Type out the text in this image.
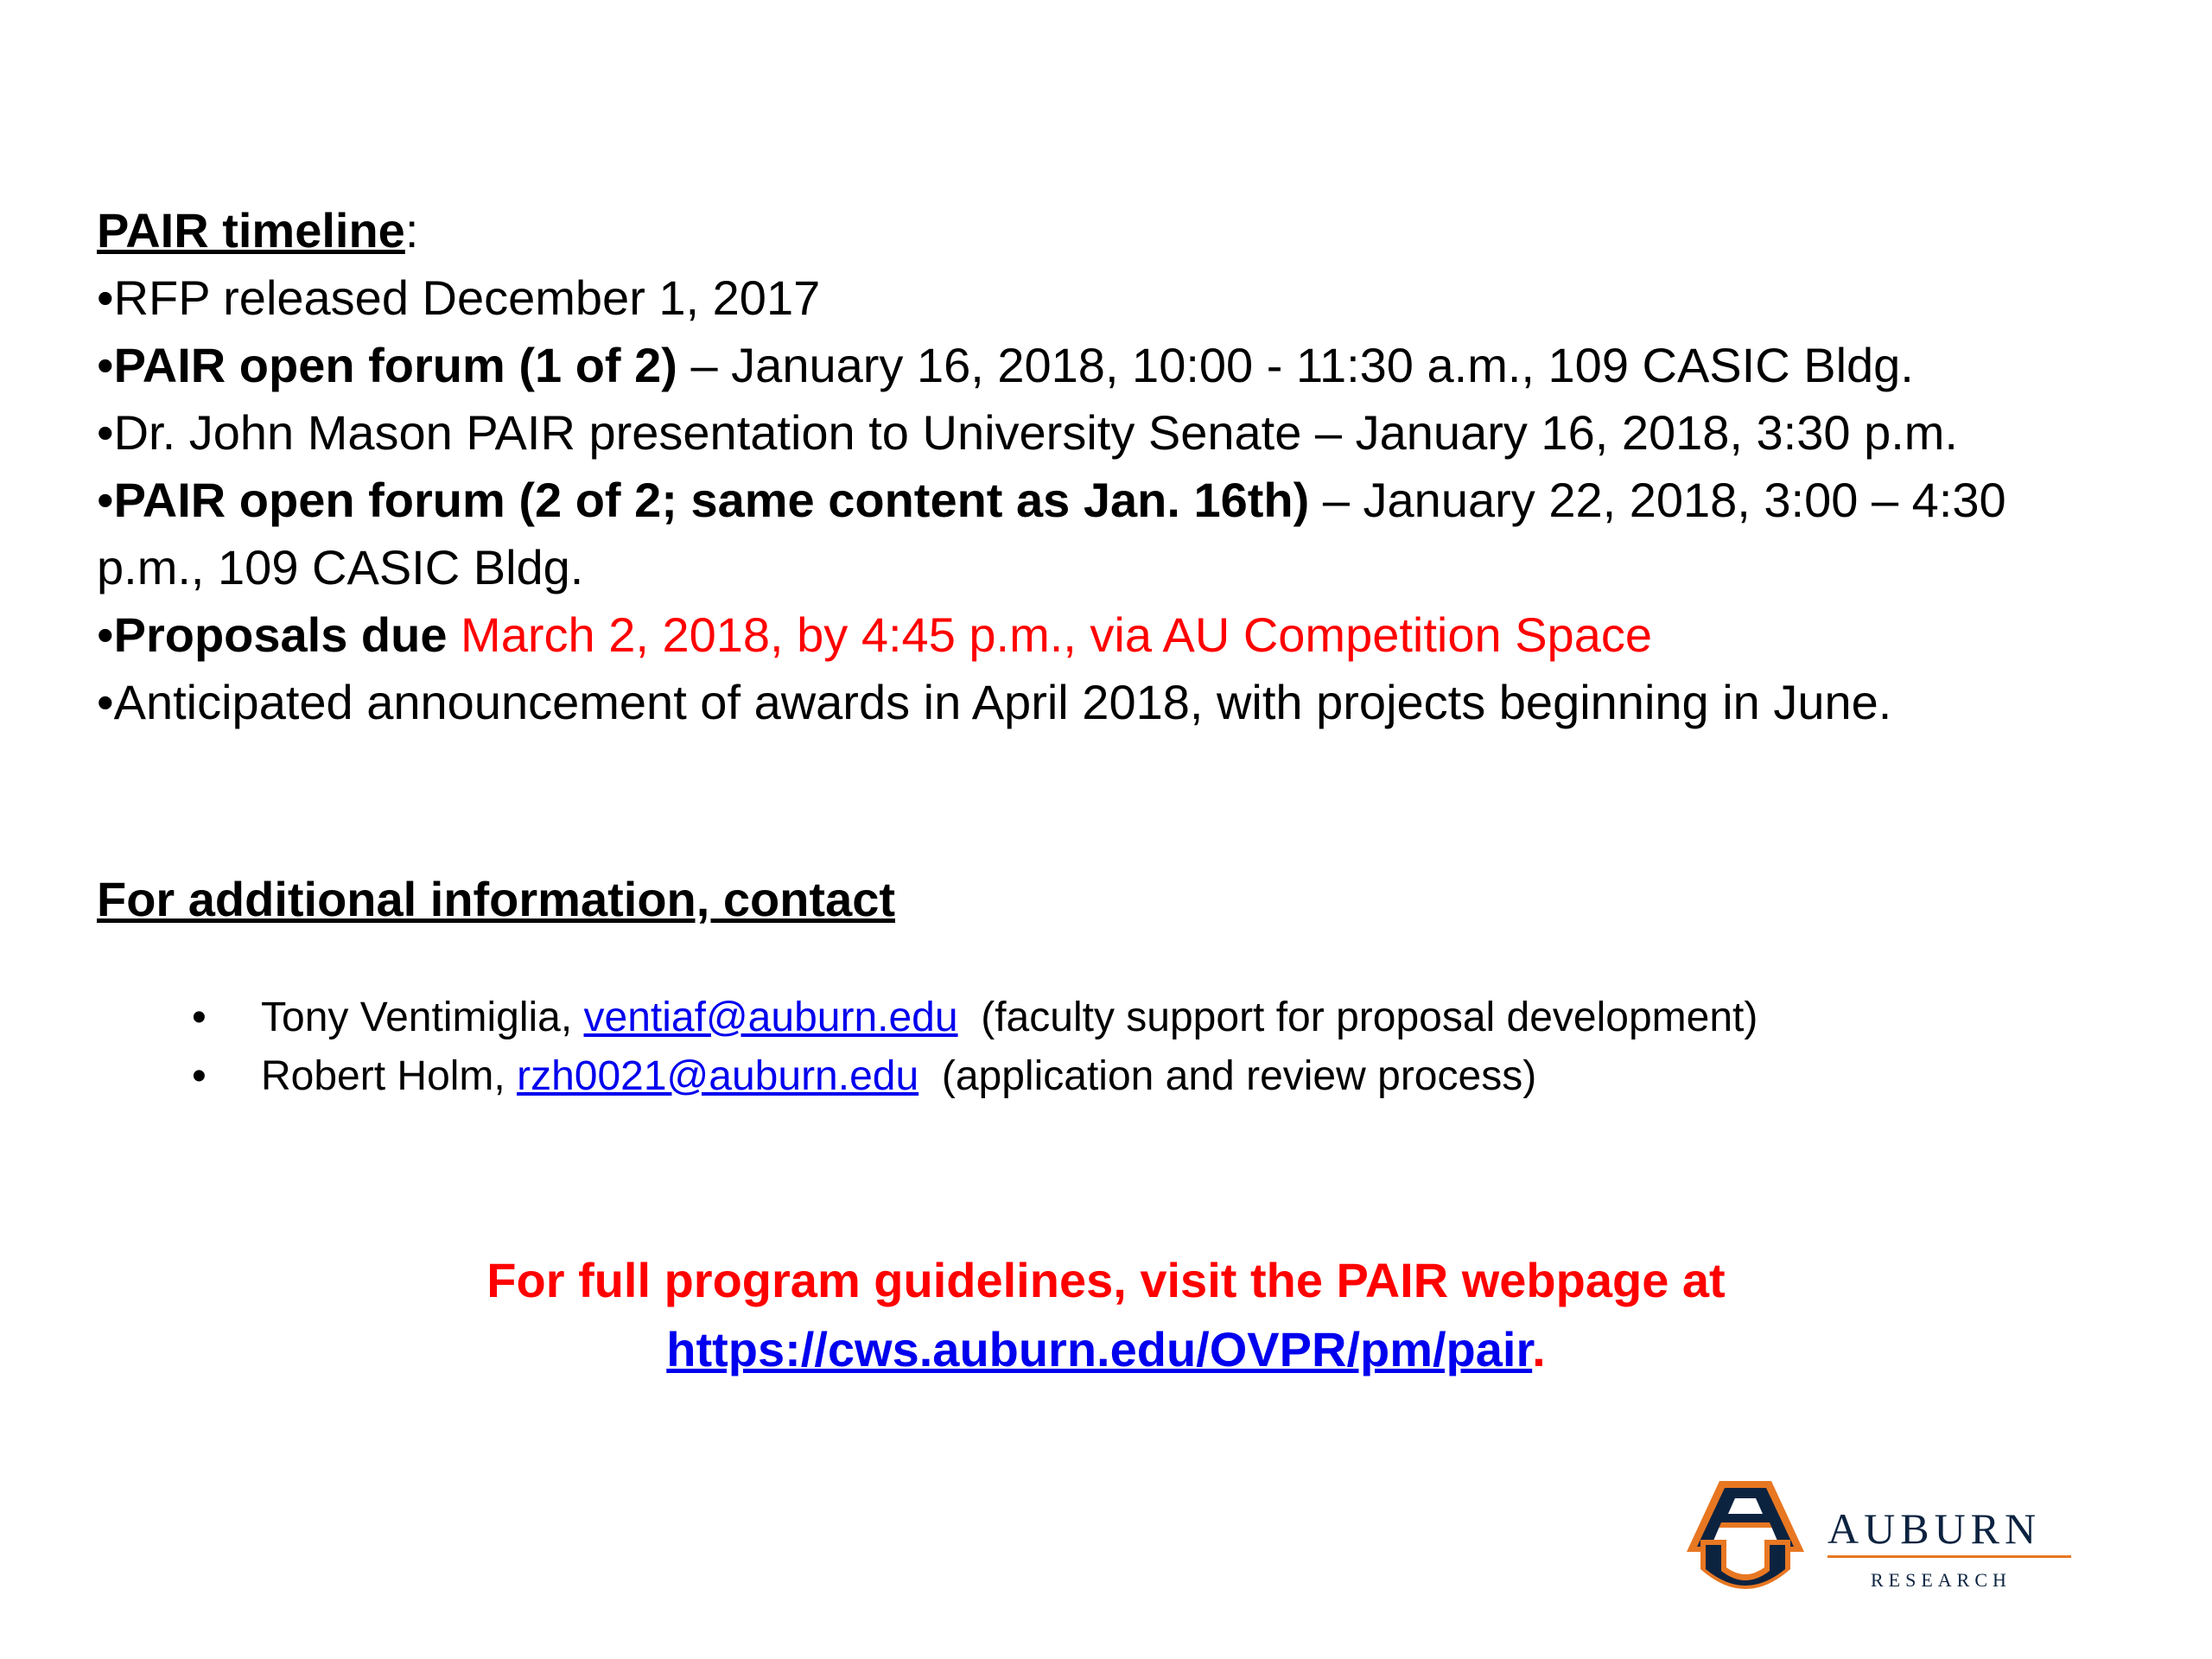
PAIR timeline:
•RFP released December 1, 2017
•PAIR open forum (1 of 2) – January 16, 2018, 10:00 - 11:30 a.m., 109 CASIC Bldg.
•Dr. John Mason PAIR presentation to University Senate – January 16, 2018, 3:30 p.m.
•PAIR open forum (2 of 2; same content as Jan. 16th) – January 22, 2018, 3:00 – 4:30 p.m., 109 CASIC Bldg.
•Proposals due March 2, 2018, by 4:45 p.m., via AU Competition Space
•Anticipated announcement of awards in April 2018, with projects beginning in June.
For additional information, contact
• Tony Ventimiglia, ventiaf@auburn.edu  (faculty support for proposal development)
• Robert Holm, rzh0021@auburn.edu  (application and review process)
For full program guidelines, visit the PAIR webpage at
https://cws.auburn.edu/OVPR/pm/pair.
AUBURN
RESEARCH
